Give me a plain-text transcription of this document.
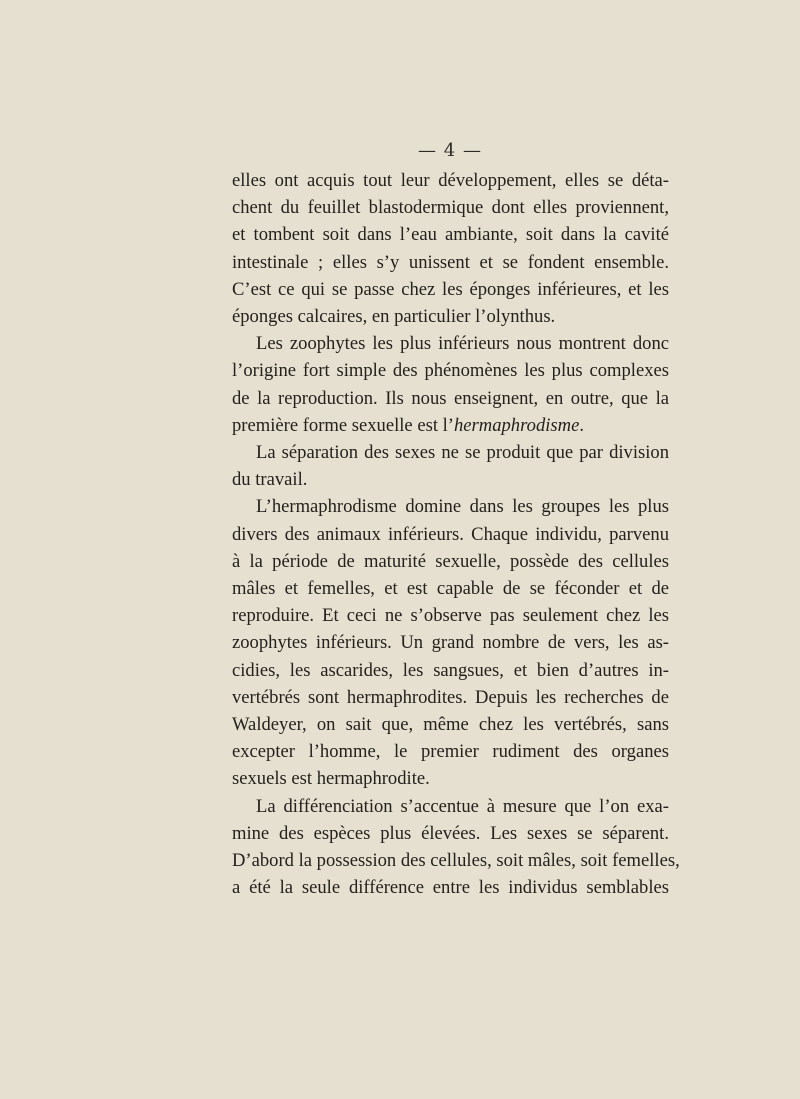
— 4 —

elles ont acquis tout leur développement, elles se déta-
chent du feuillet blastodermique dont elles proviennent,
et tombent soit dans l’eau ambiante, soit dans la cavité
intestinale ; elles s’y unissent et se fondent ensemble.
C’est ce qui se passe chez les éponges inférieures, et les
éponges calcaires, en particulier l’olynthus.

Les zoophytes les plus inférieurs nous montrent donc
l’origine fort simple des phénomènes les plus complexes
de la reproduction. Ils nous enseignent, en outre, que la
première forme sexuelle est l’hermaphrodisme.

La séparation des sexes ne se produit que par division
du travail.

L’hermaphrodisme domine dans les groupes les plus
divers des animaux inférieurs. Chaque individu, parvenu
à la période de maturité sexuelle, possède des cellules
mâles et femelles, et est capable de se féconder et de
reproduire. Et ceci ne s’observe pas seulement chez les
zoophytes inférieurs. Un grand nombre de vers, les as-
cidies, les ascarides, les sangsues, et bien d’autres in-
vertébrés sont hermaphrodites. Depuis les recherches de
Waldeyer, on sait que, même chez les vertébrés, sans
excepter l’homme, le premier rudiment des organes
sexuels est hermaphrodite.

La différenciation s’accentue à mesure que l’on exa-
mine des espèces plus élevées. Les sexes se séparent.
D’abord la possession des cellules, soit mâles, soit femelles,
a été la seule différence entre les individus semblables
